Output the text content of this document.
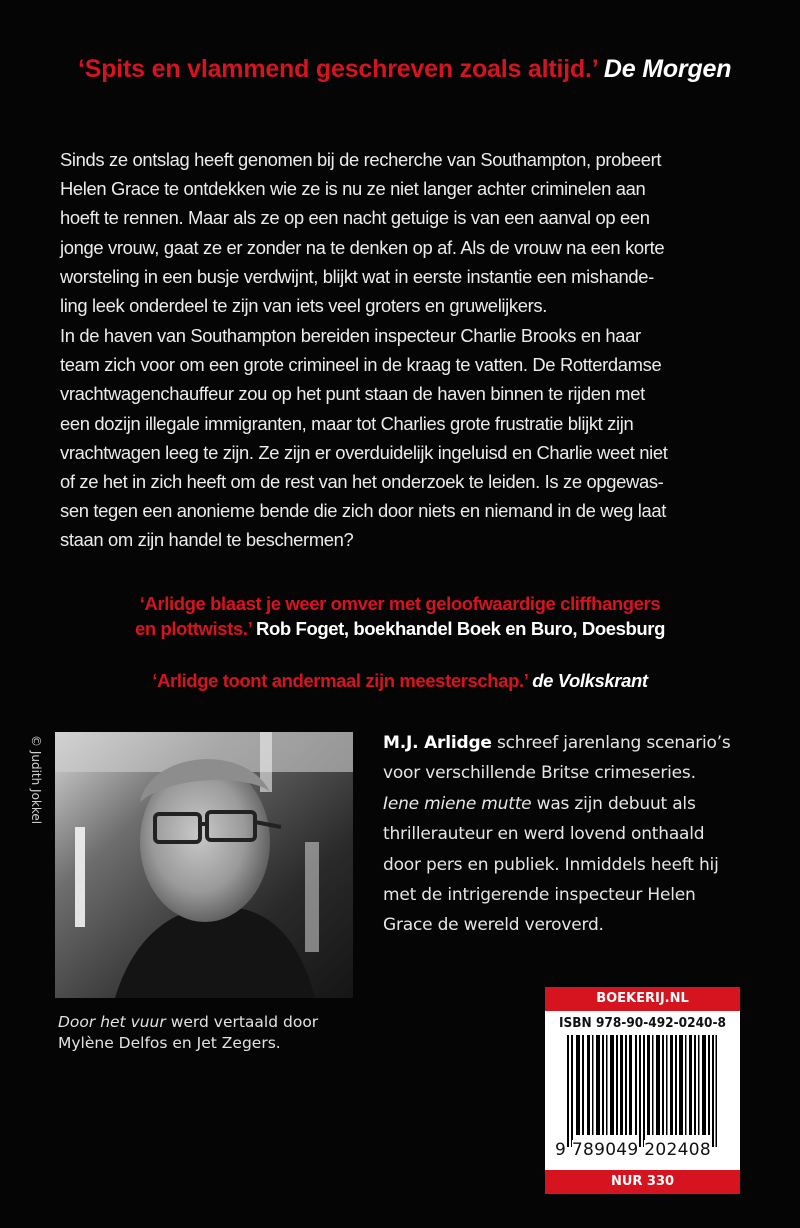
‘Spits en vlammend geschreven zoals altijd.’ De Morgen
Sinds ze ontslag heeft genomen bij de recherche van Southampton, probeert
Helen Grace te ontdekken wie ze is nu ze niet langer achter criminelen aan
hoeft te rennen. Maar als ze op een nacht getuige is van een aanval op een
jonge vrouw, gaat ze er zonder na te denken op af. Als de vrouw na een korte
worsteling in een busje verdwijnt, blijkt wat in eerste instantie een mishande-
ling leek onderdeel te zijn van iets veel groters en gruwelijkers.
In de haven van Southampton bereiden inspecteur Charlie Brooks en haar
team zich voor om een grote crimineel in de kraag te vatten. De Rotterdamse
vrachtwagenchauffeur zou op het punt staan de haven binnen te rijden met
een dozijn illegale immigranten, maar tot Charlies grote frustratie blijkt zijn
vrachtwagen leeg te zijn. Ze zijn er overduidelijk ingeluisd en Charlie weet niet
of ze het in zich heeft om de rest van het onderzoek te leiden. Is ze opgewas-
sen tegen een anonieme bende die zich door niets en niemand in de weg laat
staan om zijn handel te beschermen?
‘Arlidge blaast je weer omver met geloofwaardige cliffhangers
en plottwists.’ Rob Foget, boekhandel Boek en Buro, Doesburg
‘Arlidge toont andermaal zijn meesterschap.’ de Volkskrant
© Judith Jokkel
Door het vuur werd vertaald door
Mylène Delfos en Jet Zegers.
M.J. Arlidge schreef jarenlang scenario’s
voor verschillende Britse crimeseries.
Iene miene mutte was zijn debuut als
thrillerauteur en werd lovend onthaald
door pers en publiek. Inmiddels heeft hij
met de intrigerende inspecteur Helen
Grace de wereld veroverd.
BOEKERIJ.NL
ISBN 978-90-492-0240-8
9 789049 202408
NUR 330
